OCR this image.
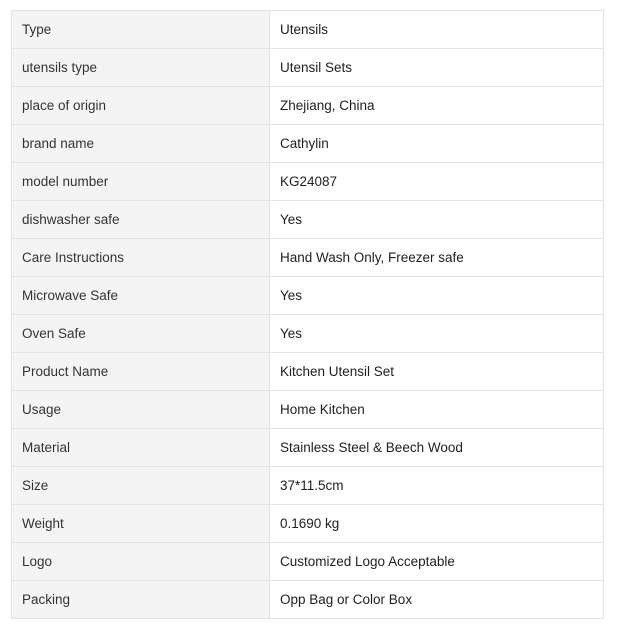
Type	Utensils
utensils type	Utensil Sets
place of origin	Zhejiang, China
brand name	Cathylin
model number	KG24087
dishwasher safe	Yes
Care Instructions	Hand Wash Only, Freezer safe
Microwave Safe	Yes
Oven Safe	Yes
Product Name	Kitchen Utensil Set
Usage	Home Kitchen
Material	Stainless Steel & Beech Wood
Size	37*11.5cm
Weight	0.1690 kg
Logo	Customized Logo Acceptable
Packing	Opp Bag or Color Box
